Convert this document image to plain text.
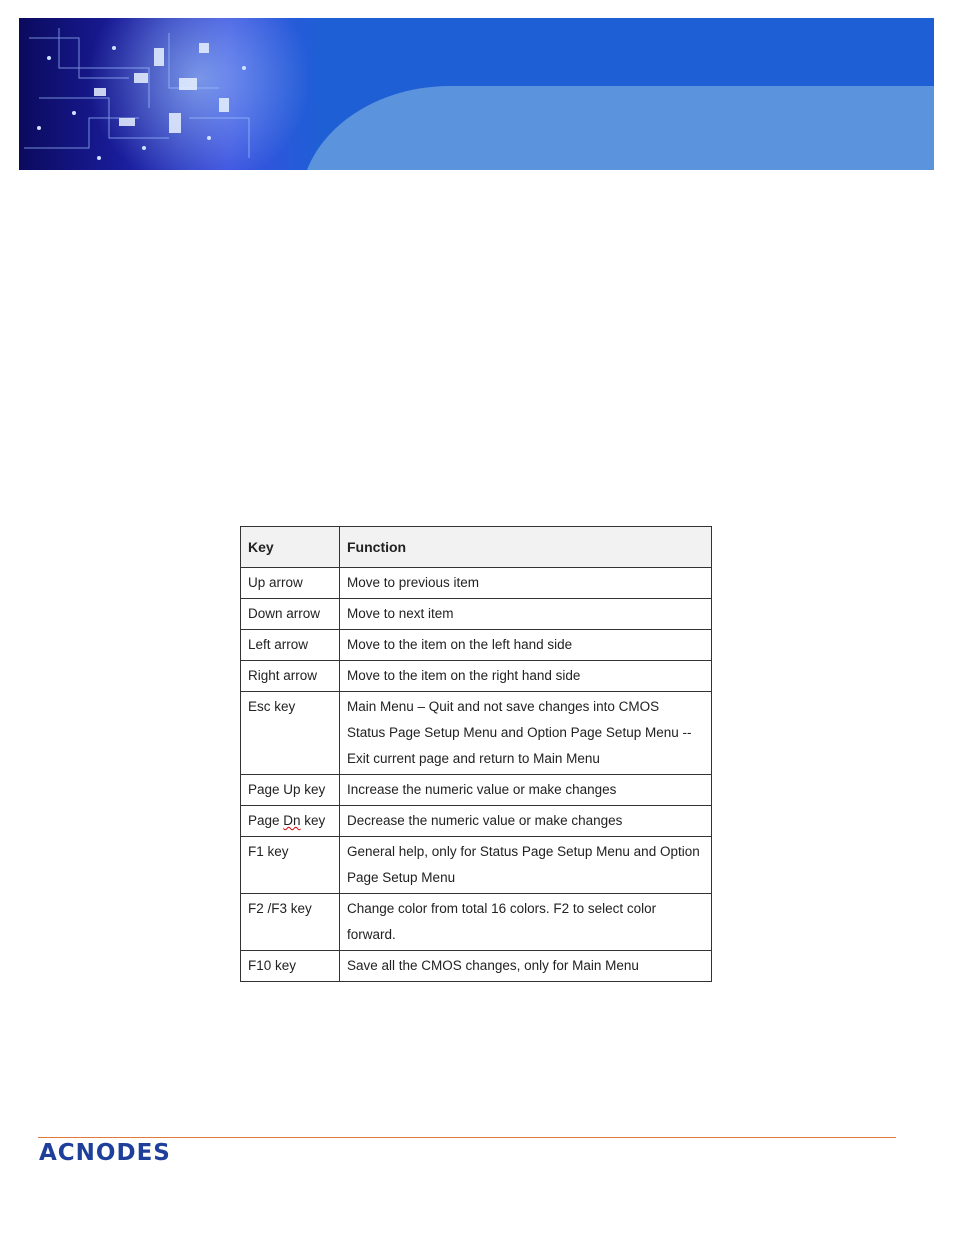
Key	Function
Up arrow	Move to previous item
Down arrow	Move to next item
Left arrow	Move to the item on the left hand side
Right arrow	Move to the item on the right hand side
Esc key	Main Menu – Quit and not save changes into CMOS
Status Page Setup Menu and Option Page Setup Menu --
Exit current page and return to Main Menu

Page Up key	Increase the numeric value or make changes
Page Dn key	Decrease the numeric value or make changes
F1 key	General help, only for Status Page Setup Menu and Option
Page Setup Menu

F2 /F3 key	Change color from total 16 colors. F2 to select color
forward.

F10 key	Save all the CMOS changes, only for Main Menu
ACNODES
